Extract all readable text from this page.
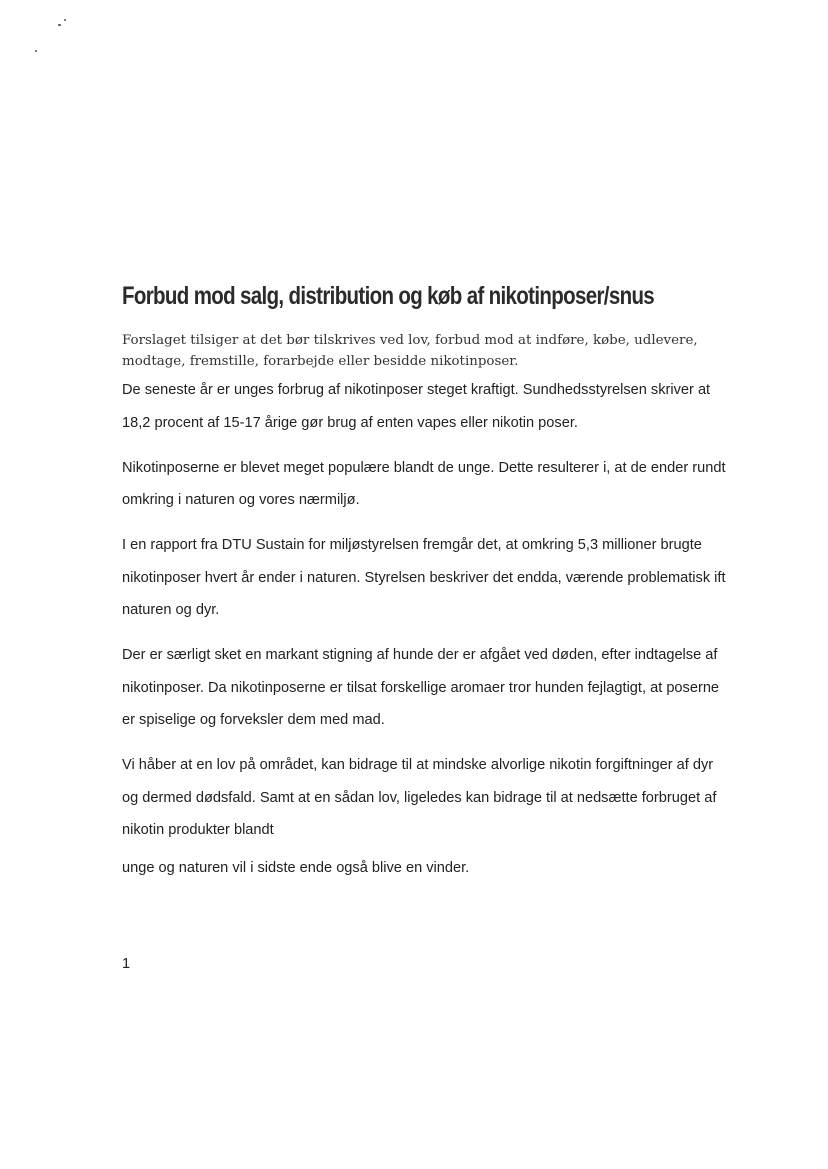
Forbud mod salg, distribution og køb af nikotinposer/snus

Forslaget tilsiger at det bør tilskrives ved lov, forbud mod at indføre, købe, udlevere, modtage, fremstille, forarbejde eller besidde nikotinposer.

De seneste år er unges forbrug af nikotinposer steget kraftigt. Sundhedsstyrelsen skriver at 18,2 procent af 15-17 årige gør brug af enten vapes eller nikotin poser.

Nikotinposerne er blevet meget populære blandt de unge. Dette resulterer i, at de ender rundt omkring i naturen og vores nærmiljø.

I en rapport fra DTU Sustain for miljøstyrelsen fremgår det, at omkring 5,3 millioner brugte nikotinposer hvert år ender i naturen. Styrelsen beskriver det endda, værende problematisk ift naturen og dyr.

Der er særligt sket en markant stigning af hunde der er afgået ved døden, efter indtagelse af nikotinposer. Da nikotinposerne er tilsat forskellige aromaer tror hunden fejlagtigt, at poserne er spiselige og forveksler dem med mad.

Vi håber at en lov på området, kan bidrage til at mindske alvorlige nikotin forgiftninger af dyr og dermed dødsfald. Samt at en sådan lov, ligeledes kan bidrage til at nedsætte forbruget af nikotin produkter blandt

unge og naturen vil i sidste ende også blive en vinder.

1
